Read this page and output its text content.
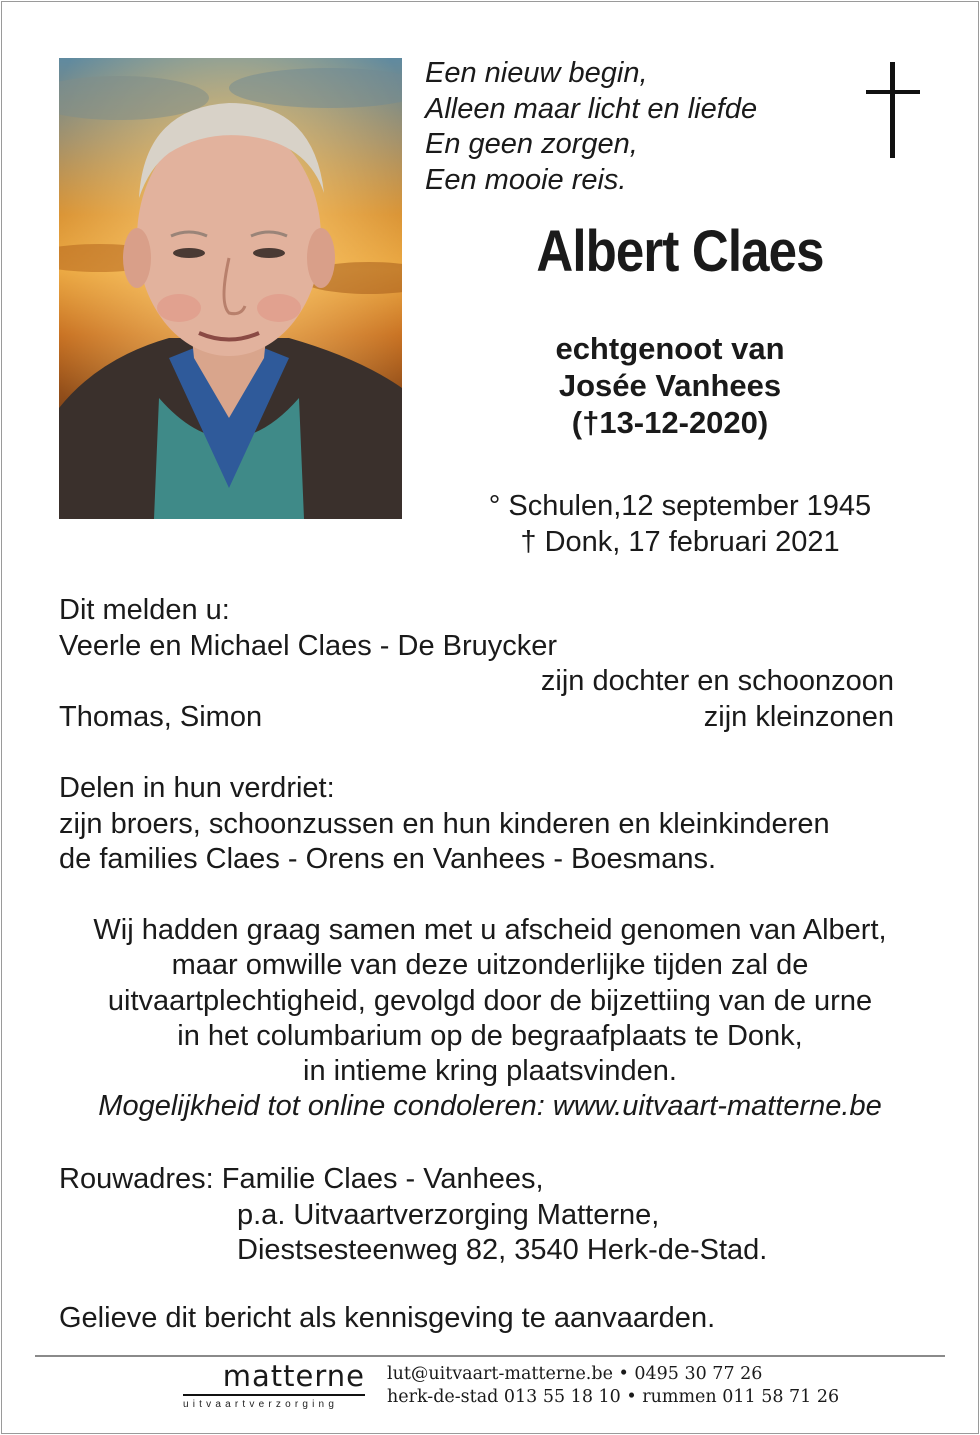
Een nieuw begin,
Alleen maar licht en liefde
En geen zorgen,
Een mooie reis.
Albert Claes
echtgenoot van
Josée Vanhees
(†13-12-2020)
° Schulen,12 september 1945
† Donk, 17 februari 2021
Dit melden u:
Veerle en Michael Claes - De Bruycker
zijn dochter en schoonzoon
Thomas, Simon	zijn kleinzonen
Delen in hun verdriet:
zijn broers, schoonzussen en hun kinderen en kleinkinderen
de families Claes - Orens en Vanhees - Boesmans.
Wij hadden graag samen met u afscheid genomen van Albert,
maar omwille van deze uitzonderlijke tijden zal de
uitvaartplechtigheid, gevolgd door de bijzettiing van de urne
in het columbarium op de begraafplaats te Donk,
in intieme kring plaatsvinden.
Mogelijkheid tot online condoleren: www.uitvaart-matterne.be
Rouwadres: Familie Claes - Vanhees,
p.a. Uitvaartverzorging Matterne,
Diestsesteenweg 82, 3540 Herk-de-Stad.
Gelieve dit bericht als kennisgeving te aanvaarden.
matterne
uitvaartverzorging
lut@uitvaart-matterne.be • 0495 30 77 26
herk-de-stad 013 55 18 10 • rummen 011 58 71 26
